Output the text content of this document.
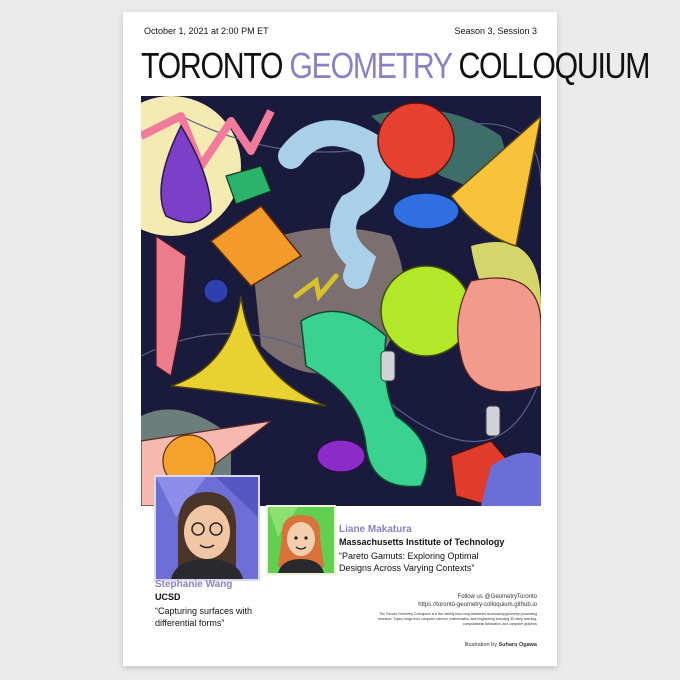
October 1, 2021 at 2:00 PM ET	Season 3, Session 3
TORONTO GEOMETRY COLLOQUIUM
Stephanie Wang
UCSD
“Capturing surfaces with
differential forms”
Liane Makatura
Massachusetts Institute of Technology
“Pareto Gamuts: Exploring Optimal
Designs Across Varying Contexts”
Follow us @GeometryToronto
https://toronto-geometry-colloquium.github.io
The Toronto Geometry Colloquium is a live weekly hour-long webseries showcasing geometry processing research. Topics range from computer science, mathematics, and engineering including 3D deep learning, computational fabrication, and computer graphics
Illustration by Suharu Ogawa
